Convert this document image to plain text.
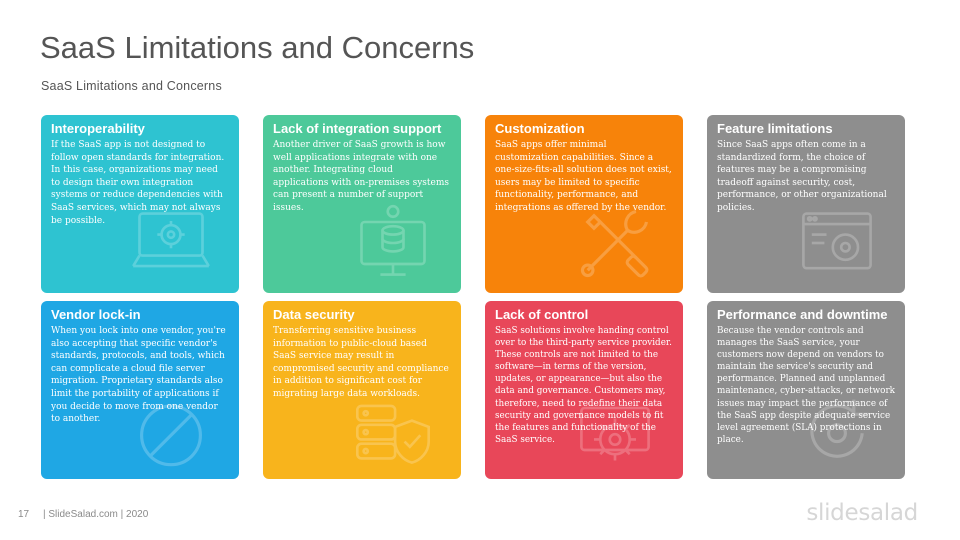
SaaS Limitations and Concerns
SaaS Limitations and Concerns
Interoperability
If the SaaS app is not designed to follow open standards for integration. In this case, organizations may need to design their own integration systems or reduce dependencies with SaaS services, which may not always be possible.
Lack of integration support
Another driver of SaaS growth is how well applications integrate with one another. Integrating cloud applications with on-premises systems can present a number of support issues.
Customization
SaaS apps offer minimal customization capabilities. Since a one-size-fits-all solution does not exist, users may be limited to specific functionality, performance, and integrations as offered by the vendor.
Feature limitations
Since SaaS apps often come in a standardized form, the choice of features may be a compromising tradeoff against security, cost, performance, or other organizational policies.
Vendor lock-in
When you lock into one vendor, you're also accepting that specific vendor's standards, protocols, and tools, which can complicate a cloud file server migration. Proprietary standards also limit the portability of applications if you decide to move from one vendor to another.
Data security
Transferring sensitive business information to public-cloud based SaaS service may result in compromised security and compliance in addition to significant cost for migrating large data workloads.
Lack of control
SaaS solutions involve handing control over to the third-party service provider. These controls are not limited to the software—in terms of the version, updates, or appearance—but also the data and governance. Customers may, therefore, need to redefine their data security and governance models to fit the features and functionality of the SaaS service.
Performance and downtime
Because the vendor controls and manages the SaaS service, your customers now depend on vendors to maintain the service's security and performance. Planned and unplanned maintenance, cyber-attacks, or network issues may impact the performance of the SaaS app despite adequate service level agreement (SLA) protections in place.
17 | SlideSalad.com | 2020	slidesalad
